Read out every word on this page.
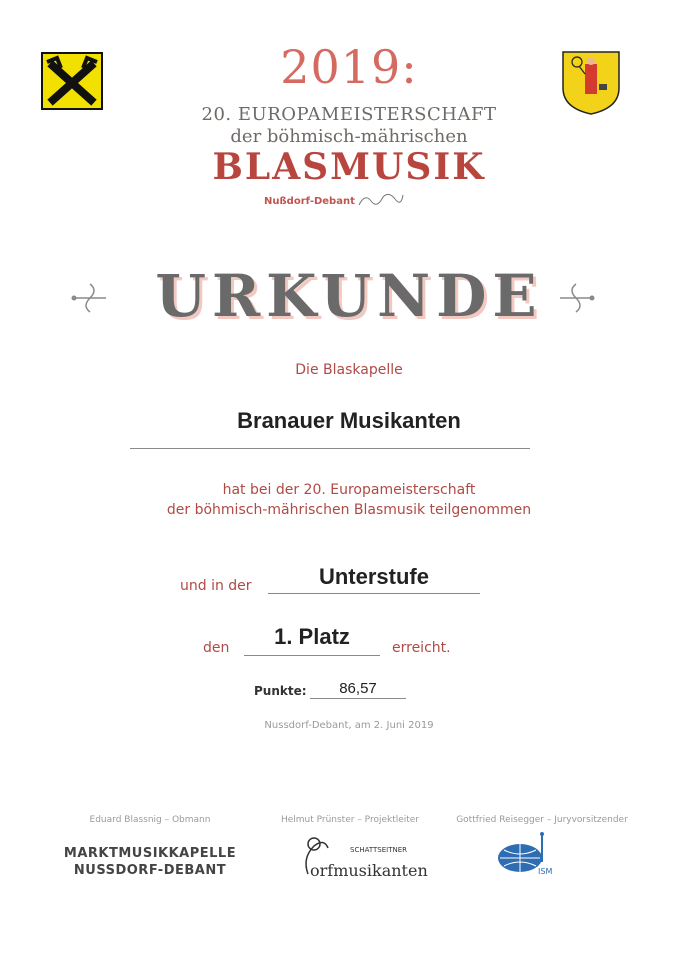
2019:
20. EUROPAMEISTERSCHAFT
der böhmisch-mährischen
BLASMUSIK
Nußdorf-Debant
URKUNDE
Die Blaskapelle
Branauer Musikanten
hat bei der 20. Europameisterschaft
der böhmisch-mährischen Blasmusik teilgenommen
und in der	Unterstufe
den	1. Platz	erreicht.
Punkte:	86,57
Nussdorf-Debant, am 2. Juni 2019
Eduard Blassnig – Obmann	Helmut Prünster – Projektleiter	Gottfried Reisegger – Juryvorsitzender
MARKTMUSIKKAPELLE
NUSSDORF-DEBANT
SCHATTSEITNER
orfmusikanten	ISM
